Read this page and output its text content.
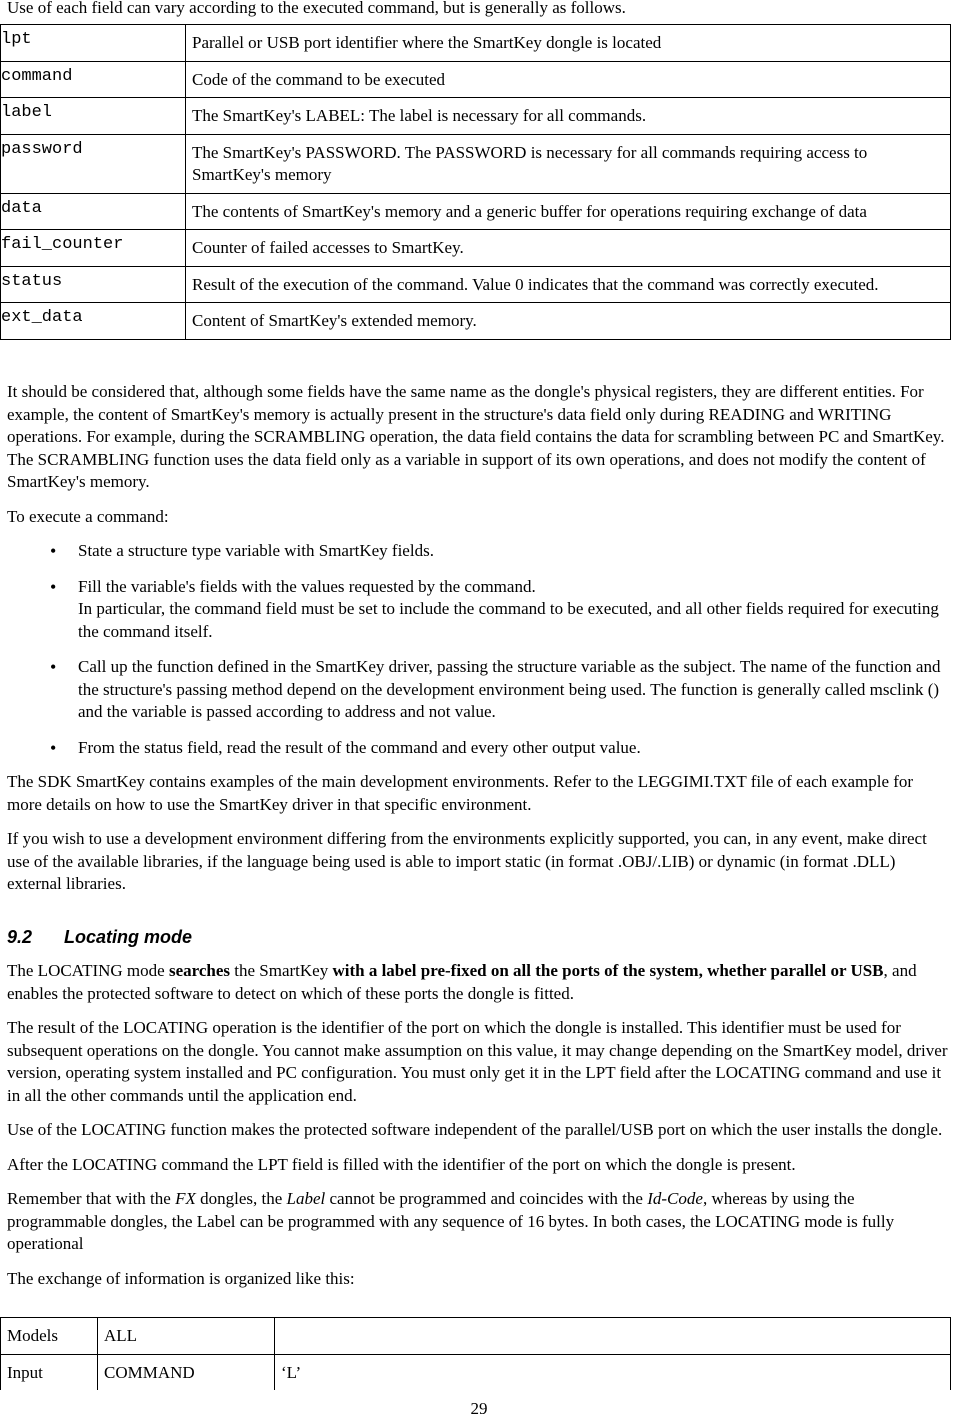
Use of each field can vary according to the executed command, but is generally as follows.

lpt	Parallel or USB port identifier where the SmartKey dongle is located

command	Code of the command to be executed

label	The SmartKey's LABEL: The label is necessary for all commands.

password	The SmartKey's PASSWORD. The PASSWORD is necessary for all commands requiring access to SmartKey's memory

data	The contents of SmartKey's memory and a generic buffer for operations requiring exchange of data

fail_counter	Counter of failed accesses to SmartKey.

status	Result of the execution of the command. Value 0 indicates that the command was correctly executed.

ext_data	Content of SmartKey's extended memory.

It should be considered that, although some fields have the same name as the dongle's physical registers, they are different entities. For example, the content of SmartKey's memory is actually present in the structure's data field only during READING and WRITING operations. For example, during the SCRAMBLING operation, the data field contains the data for scrambling between PC and SmartKey. The SCRAMBLING function uses the data field only as a variable in support of its own operations, and does not modify the content of SmartKey's memory.

To execute a command:

• State a structure type variable with SmartKey fields.
• Fill the variable's fields with the values requested by the command.
In particular, the command field must be set to include the command to be executed, and all other fields required for executing the command itself.
• Call up the function defined in the SmartKey driver, passing the structure variable as the subject. The name of the function and the structure's passing method depend on the development environment being used. The function is generally called msclink () and the variable is passed according to address and not value.
• From the status field, read the result of the command and every other output value.

The SDK SmartKey contains examples of the main development environments. Refer to the LEGGIMI.TXT file of each example for more details on how to use the SmartKey driver in that specific environment.

If you wish to use a development environment differing from the environments explicitly supported, you can, in any event, make direct use of the available libraries, if the language being used is able to import static (in format .OBJ/.LIB) or dynamic (in format .DLL) external libraries.

9.2 Locating mode

The LOCATING mode searches the SmartKey with a label pre-fixed on all the ports of the system, whether parallel or USB, and enables the protected software to detect on which of these ports the dongle is fitted.

The result of the LOCATING operation is the identifier of the port on which the dongle is installed. This identifier must be used for subsequent operations on the dongle. You cannot make assumption on this value, it may change depending on the SmartKey model, driver version, operating system installed and PC configuration. You must only get it in the LPT field after the LOCATING command and use it in all the other commands until the application end.

Use of the LOCATING function makes the protected software independent of the parallel/USB port on which the user installs the dongle.

After the LOCATING command the LPT field is filled with the identifier of the port on which the dongle is present.

Remember that with the FX dongles, the Label cannot be programmed and coincides with the Id-Code, whereas by using the programmable dongles, the Label can be programmed with any sequence of 16 bytes. In both cases, the LOCATING mode is fully operational

The exchange of information is organized like this:

Models	ALL	
Input	COMMAND	‘L’
29
